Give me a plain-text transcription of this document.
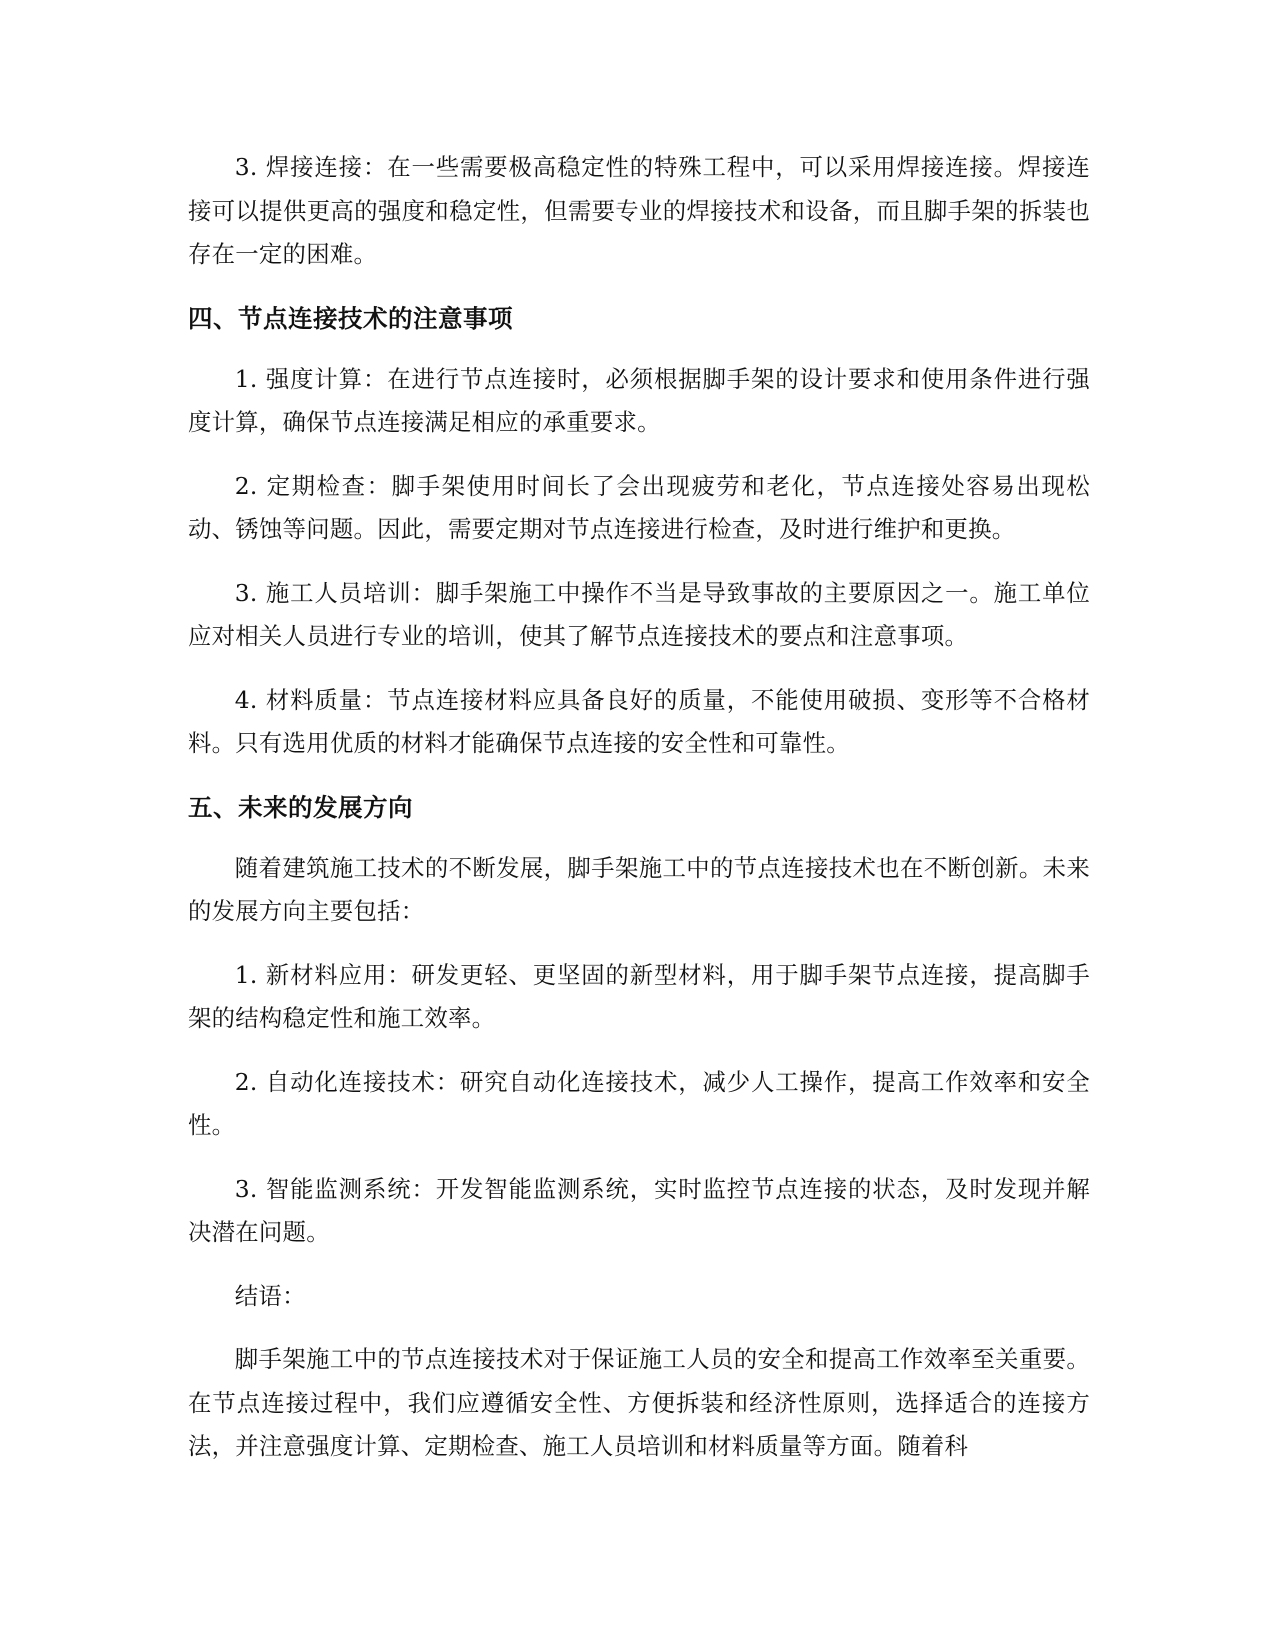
3. 焊接连接：在一些需要极高稳定性的特殊工程中，可以采用焊接连接。焊接连接可以提供更高的强度和稳定性，但需要专业的焊接技术和设备，而且脚手架的拆装也存在一定的困难。

四、节点连接技术的注意事项

1. 强度计算：在进行节点连接时，必须根据脚手架的设计要求和使用条件进行强度计算，确保节点连接满足相应的承重要求。

2. 定期检查：脚手架使用时间长了会出现疲劳和老化，节点连接处容易出现松动、锈蚀等问题。因此，需要定期对节点连接进行检查，及时进行维护和更换。

3. 施工人员培训：脚手架施工中操作不当是导致事故的主要原因之一。施工单位应对相关人员进行专业的培训，使其了解节点连接技术的要点和注意事项。

4. 材料质量：节点连接材料应具备良好的质量，不能使用破损、变形等不合格材料。只有选用优质的材料才能确保节点连接的安全性和可靠性。

五、未来的发展方向

随着建筑施工技术的不断发展，脚手架施工中的节点连接技术也在不断创新。未来的发展方向主要包括：

1. 新材料应用：研发更轻、更坚固的新型材料，用于脚手架节点连接，提高脚手架的结构稳定性和施工效率。

2. 自动化连接技术：研究自动化连接技术，减少人工操作，提高工作效率和安全性。

3. 智能监测系统：开发智能监测系统，实时监控节点连接的状态，及时发现并解决潜在问题。

结语：

脚手架施工中的节点连接技术对于保证施工人员的安全和提高工作效率至关重要。在节点连接过程中，我们应遵循安全性、方便拆装和经济性原则，选择适合的连接方法，并注意强度计算、定期检查、施工人员培训和材料质量等方面。随着科
